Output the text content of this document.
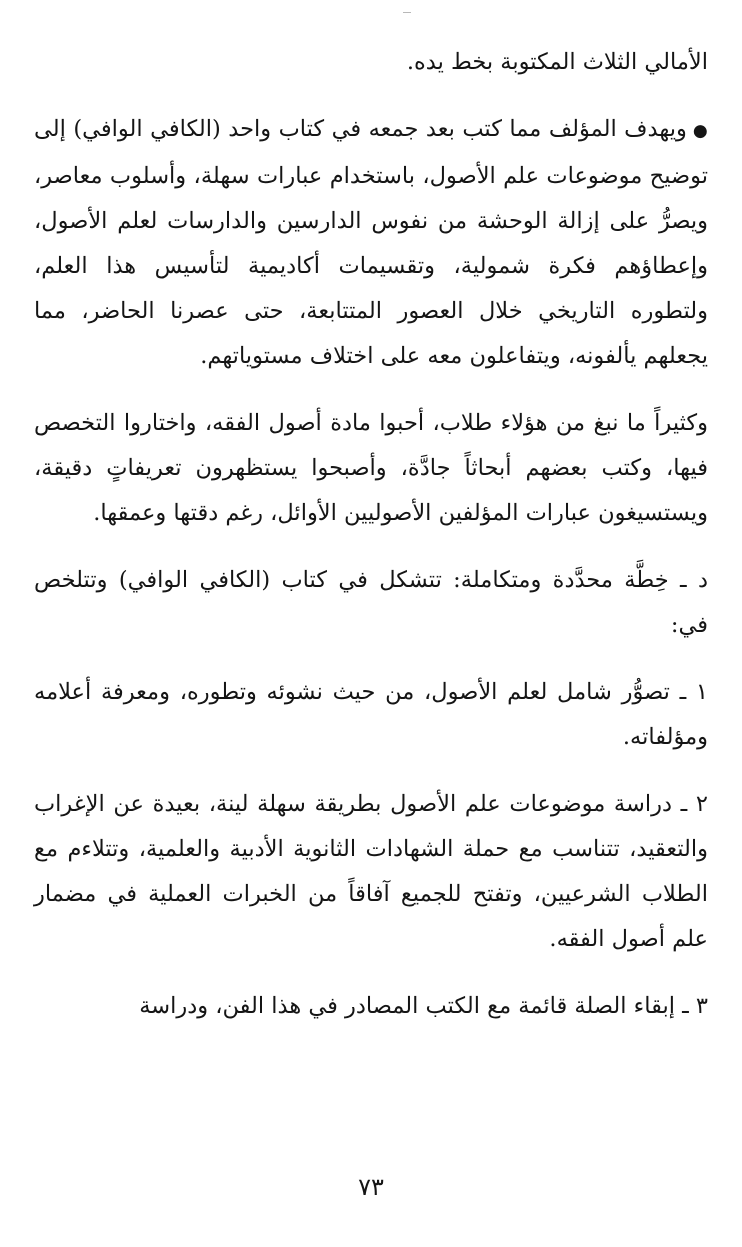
الأمالي الثلاث المكتوبة بخط يده.

●ويهدف المؤلف مما كتب بعد جمعه في كتاب واحد (الكافي الوافي) إلى توضيح موضوعات علم الأصول، باستخدام عبارات سهلة، وأسلوب معاصر، ويصرُّ على إزالة الوحشة من نفوس الدارسين والدارسات لعلم الأصول، وإعطاؤهم فكرة شمولية، وتقسيمات أكاديمية لتأسيس هذا العلم، ولتطوره التاريخي خلال العصور المتتابعة، حتى عصرنا الحاضر، مما يجعلهم يألفونه، ويتفاعلون معه على اختلاف مستوياتهم.

وكثيراً ما نبغ من هؤلاء طلاب، أحبوا مادة أصول الفقه، واختاروا التخصص فيها، وكتب بعضهم أبحاثاً جادَّة، وأصبحوا يستظهرون تعريفاتٍ دقيقة، ويستسيغون عبارات المؤلفين الأصوليين الأوائل، رغم دقتها وعمقها.

د ـ خِطَّة محدَّدة ومتكاملة: تتشكل في كتاب (الكافي الوافي) وتتلخص في:

١ ـ تصوُّر شامل لعلم الأصول، من حيث نشوئه وتطوره، ومعرفة أعلامه ومؤلفاته.

٢ ـ دراسة موضوعات علم الأصول بطريقة سهلة لينة، بعيدة عن الإغراب والتعقيد، تتناسب مع حملة الشهادات الثانوية الأدبية والعلمية، وتتلاءم مع الطلاب الشرعيين، وتفتح للجميع آفاقاً من الخبرات العملية في مضمار علم أصول الفقه.

٣ ـ إبقاء الصلة قائمة مع الكتب المصادر في هذا الفن، ودراسة

٧٣
